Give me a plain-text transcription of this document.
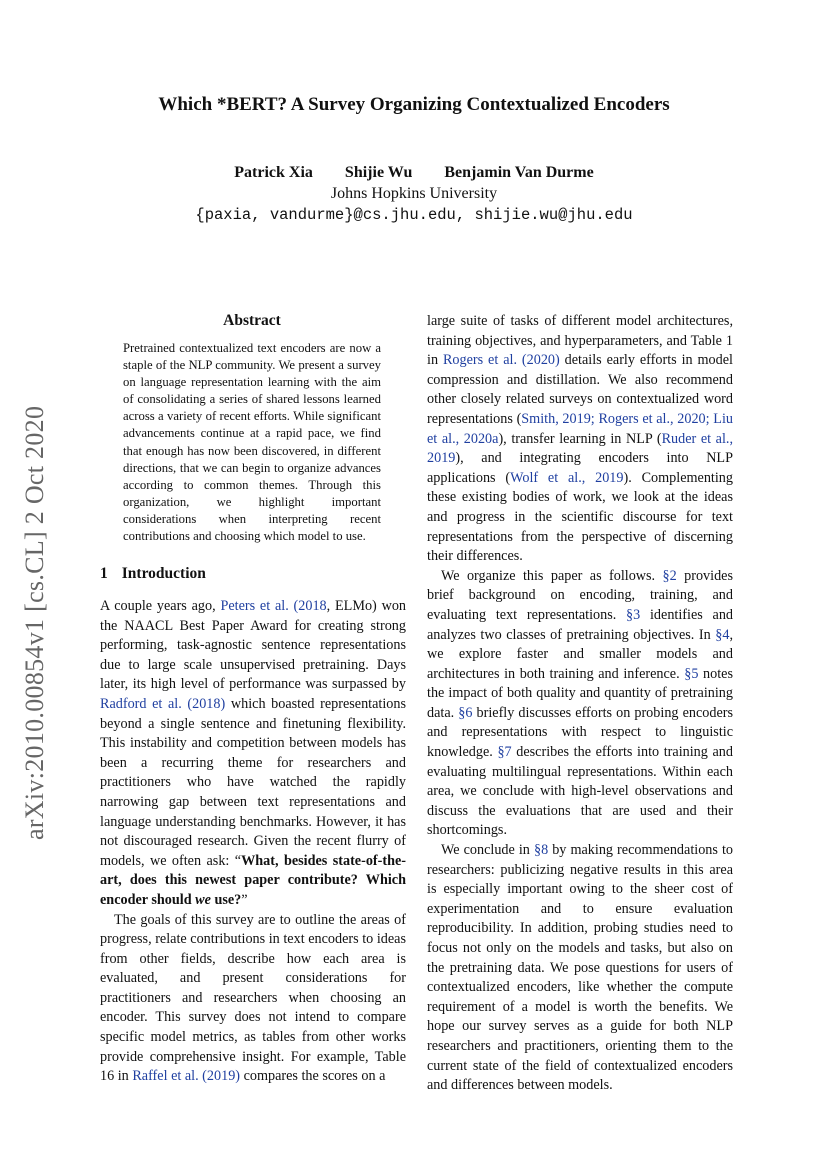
arXiv:2010.00854v1 [cs.CL] 2 Oct 2020
Which *BERT? A Survey Organizing Contextualized Encoders
Patrick Xia Shijie Wu Benjamin Van Durme
Johns Hopkins University
{paxia, vandurme}@cs.jhu.edu, shijie.wu@jhu.edu
Abstract
Pretrained contextualized text encoders are now a staple of the NLP community. We present a survey on language representation learning with the aim of consolidating a series of shared lessons learned across a variety of recent efforts. While significant advancements continue at a rapid pace, we find that enough has now been discovered, in different directions, that we can begin to organize advances according to common themes. Through this organization, we highlight important considerations when interpreting recent contributions and choosing which model to use.
1 Introduction

A couple years ago, Peters et al. (2018, ELMo) won the NAACL Best Paper Award for creating strong performing, task-agnostic sentence representations due to large scale unsupervised pretraining. Days later, its high level of performance was surpassed by Radford et al. (2018) which boasted representations beyond a single sentence and finetuning flexibility. This instability and competition between models has been a recurring theme for researchers and practitioners who have watched the rapidly narrowing gap between text representations and language understanding benchmarks. However, it has not discouraged research. Given the recent flurry of models, we often ask: “What, besides state-of-the-art, does this newest paper contribute? Which encoder should we use?”

The goals of this survey are to outline the areas of progress, relate contributions in text encoders to ideas from other fields, describe how each area is evaluated, and present considerations for practitioners and researchers when choosing an encoder. This survey does not intend to compare specific model metrics, as tables from other works provide comprehensive insight. For example, Table 16 in Raffel et al. (2019) compares the scores on a

large suite of tasks of different model architectures, training objectives, and hyperparameters, and Table 1 in Rogers et al. (2020) details early efforts in model compression and distillation. We also recommend other closely related surveys on contextualized word representations (Smith, 2019; Rogers et al., 2020; Liu et al., 2020a), transfer learning in NLP (Ruder et al., 2019), and integrating encoders into NLP applications (Wolf et al., 2019). Complementing these existing bodies of work, we look at the ideas and progress in the scientific discourse for text representations from the perspective of discerning their differences.

We organize this paper as follows. §2 provides brief background on encoding, training, and evaluating text representations. §3 identifies and analyzes two classes of pretraining objectives. In §4, we explore faster and smaller models and architectures in both training and inference. §5 notes the impact of both quality and quantity of pretraining data. §6 briefly discusses efforts on probing encoders and representations with respect to linguistic knowledge. §7 describes the efforts into training and evaluating multilingual representations. Within each area, we conclude with high-level observations and discuss the evaluations that are used and their shortcomings.

We conclude in §8 by making recommendations to researchers: publicizing negative results in this area is especially important owing to the sheer cost of experimentation and to ensure evaluation reproducibility. In addition, probing studies need to focus not only on the models and tasks, but also on the pretraining data. We pose questions for users of contextualized encoders, like whether the compute requirement of a model is worth the benefits. We hope our survey serves as a guide for both NLP researchers and practitioners, orienting them to the current state of the field of contextualized encoders and differences between models.
